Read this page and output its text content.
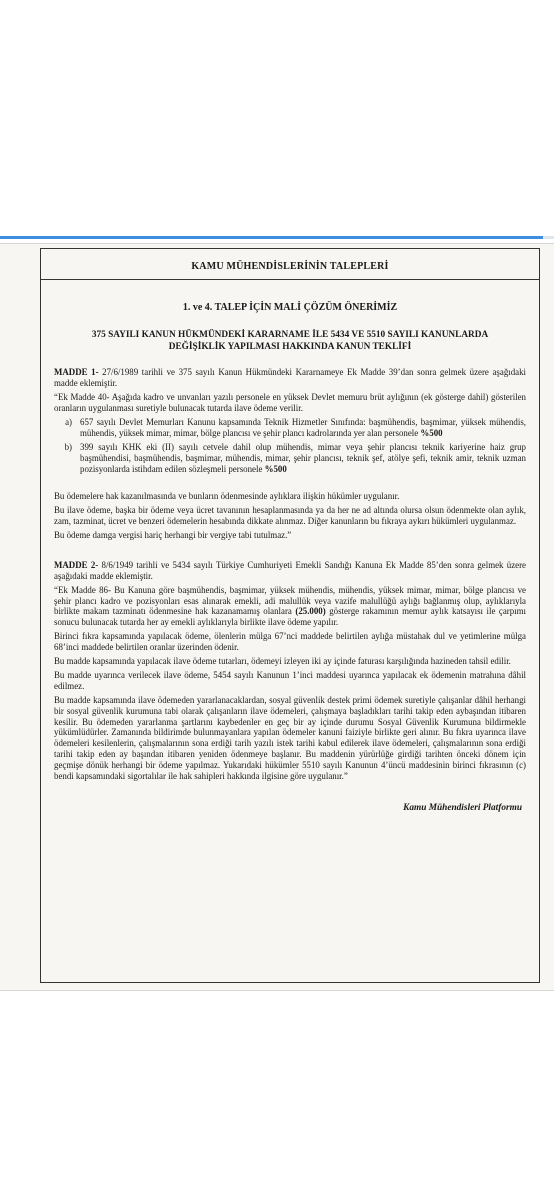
KAMU MÜHENDİSLERİNİN TALEPLERİ
1. ve 4. TALEP İÇİN MALİ ÇÖZÜM ÖNERİMİZ
375 SAYILI KANUN HÜKMÜNDEKİ KARARNAME İLE 5434 VE 5510 SAYILI KANUNLARDA DEĞİŞİKLİK YAPILMASI HAKKINDA KANUN TEKLİFİ

MADDE 1- 27/6/1989 tarihli ve 375 sayılı Kanun Hükmündeki Kararnameye Ek Madde 39’dan sonra gelmek üzere aşağıdaki madde eklemiştir.

“Ek Madde 40- Aşağıda kadro ve unvanları yazılı personele en yüksek Devlet memuru brüt aylığının (ek gösterge dahil) gösterilen oranların uygulanması suretiyle bulunacak tutarda ilave ödeme verilir.

a) 657 sayılı Devlet Memurları Kanunu kapsamında Teknik Hizmetler Sınıfında: başmühendis, başmimar, yüksek mühendis, mühendis, yüksek mimar, mimar, bölge plancısı ve şehir plancı kadrolarında yer alan personele %500
b) 399 sayılı KHK eki (II) sayılı cetvele dahil olup mühendis, mimar veya şehir plancısı teknik kariyerine haiz grup başmühendisi, başmühendis, başmimar, mühendis, mimar, şehir plancısı, teknik şef, atölye şefi, teknik amir, teknik uzman pozisyonlarda istihdam edilen sözleşmeli personele %500

Bu ödemelere hak kazanılmasında ve bunların ödenmesinde aylıklara ilişkin hükümler uygulanır.

Bu ilave ödeme, başka bir ödeme veya ücret tavanının hesaplanmasında ya da her ne ad altında olursa olsun ödenmekte olan aylık, zam, tazminat, ücret ve benzeri ödemelerin hesabında dikkate alınmaz. Diğer kanunların bu fıkraya aykırı hükümleri uygulanmaz.

Bu ödeme damga vergisi hariç herhangi bir vergiye tabi tutulmaz.”

MADDE 2- 8/6/1949 tarihli ve 5434 sayılı Türkiye Cumhuriyeti Emekli Sandığı Kanuna Ek Madde 85’den sonra gelmek üzere aşağıdaki madde eklemiştir.

“Ek Madde 86- Bu Kanuna göre başmühendis, başmimar, yüksek mühendis, mühendis, yüksek mimar, mimar, bölge plancısı ve şehir plancı kadro ve pozisyonları esas alınarak emekli, adi malullük veya vazife malullüğü aylığı bağlanmış olup, aylıklarıyla birlikte makam tazminatı ödenmesine hak kazanamamış olanlara (25.000) gösterge rakamının memur aylık katsayısı ile çarpımı sonucu bulunacak tutarda her ay emekli aylıklarıyla birlikte ilave ödeme yapılır.

Birinci fıkra kapsamında yapılacak ödeme, ölenlerin mülga 67’nci maddede belirtilen aylığa müstahak dul ve yetimlerine mülga 68’inci maddede belirtilen oranlar üzerinden ödenir.

Bu madde kapsamında yapılacak ilave ödeme tutarları, ödemeyi izleyen iki ay içinde faturası karşılığında hazineden tahsil edilir.

Bu madde uyarınca verilecek ilave ödeme, 5454 sayılı Kanunun 1’inci maddesi uyarınca yapılacak ek ödemenin matrahına dâhil edilmez.

Bu madde kapsamında ilave ödemeden yararlanacaklardan, sosyal güvenlik destek primi ödemek suretiyle çalışanlar dâhil herhangi bir sosyal güvenlik kurumuna tabi olarak çalışanların ilave ödemeleri, çalışmaya başladıkları tarihi takip eden aybaşından itibaren kesilir. Bu ödemeden yararlanma şartlarını kaybedenler en geç bir ay içinde durumu Sosyal Güvenlik Kurumuna bildirmekle yükümlüdürler. Zamanında bildirimde bulunmayanlara yapılan ödemeler kanuni faiziyle birlikte geri alınır. Bu fıkra uyarınca ilave ödemeleri kesilenlerin, çalışmalarının sona erdiği tarih yazılı istek tarihi kabul edilerek ilave ödemeleri, çalışmalarının sona erdiği tarihi takip eden ay başından itibaren yeniden ödenmeye başlanır. Bu maddenin yürürlüğe girdiği tarihten önceki dönem için geçmişe dönük herhangi bir ödeme yapılmaz. Yukarıdaki hükümler 5510 sayılı Kanunun 4’üncü maddesinin birinci fıkrasının (c) bendi kapsamındaki sigortalılar ile hak sahipleri hakkında ilgisine göre uygulanır.”

Kamu Mühendisleri Platformu
